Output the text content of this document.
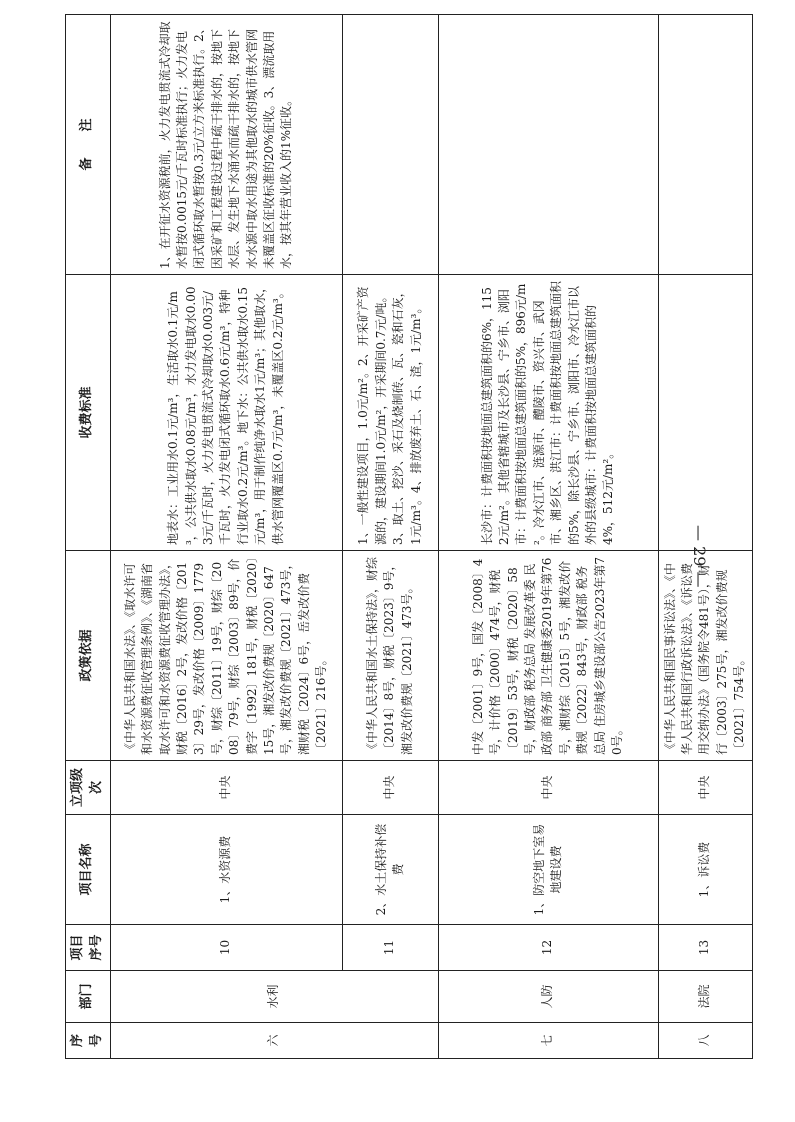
序号	部门	项目序号	项目名称	立项级次	政策依据	收费标准	备　　注
六	水利	10	1、水资源费	中央	《中华人民共和国水法》、《取水许可和水资源费征收管理条例》、《湖南省取水许可和水资源费征收管理办法》，财税〔2016〕2号，发改价格〔2013〕29号，发改价格〔2009〕1779号，财综〔2011〕19号，财综〔2008〕79号，财综〔2003〕89号，价费字〔1992〕181号，财税〔2020〕15号，湘发改价费规〔2020〕647号，湘发改价费规〔2021〕473号，湘财税〔2024〕6号，岳发改价费〔2021〕216号。	地表水：工业用水0.1元/m³，生活取水0.1元/m³，公共供水取水0.08元/m³，水力发电取水0.003元/千瓦时，火力发电贯流式冷却取水0.003元/千瓦时，火力发电闭式循环取水0.6元/m³，特种行业取水0.2元/m³。地下水：公共供水取水0.15元/m³，用于制作纯净水取水1元/m³；其他取水，供水管网覆盖区0.7元/m³，未覆盖区0.2元/m³。	1、在开征水资源税前，火力发电贯流式冷却取水暂按0.0015元/千瓦时标准执行；火力发电闭式循环取水暂按0.3元/立方米标准执行。2、因采矿和工程建设过程中疏干排水的，按地下水层、发生地下水涌水而疏干排水的，按地下水水源中取水用途为其他取水的城市供水管网未覆盖区征收标准的20%征收。3、漂流取用水，按其年营业收入的1%征收。
		11	2、水土保持补偿费	中央	《中华人民共和国水土保持法》，财综〔2014〕8号，财税〔2023〕9号，湘发改价费规〔2021〕473号。	1、一般性建设项目，1.0元/m²。2、开采矿产资源的，建设期间1.0元/m²，开采期间0.7元/吨。3、取土、挖沙、采石及烧制砖、瓦、瓷和石灰，1元/m³。4、排放废弃土、石、渣，1元/m³。	
七	人防	12	1、防空地下室易地建设费	中央	中发〔2001〕9号，国发〔2008〕4号，计价格〔2000〕474号，财税〔2019〕53号，财税〔2020〕58号，财政部 税务总局 发展改革委 民政部 商务部 卫生健康委2019年第76号，湘财综〔2015〕5号，湘发改价费规〔2022〕843号，财政部 税务总局 住房城乡建设部公告2023年第70号。	长沙市：计费面积按地面总建筑面积的6%，1152元/m²。其他省辖城市及长沙县、宁乡市、浏阳市：计费面积按地面总建筑面积的5%，896元/m²。冷水江市、涟源市、醴陵市、资兴市、武冈市、湘乡区、洪江市：计费面积按地面总建筑面积的5%，除长沙县、宁乡市、浏阳市、冷水江市以外的县级城市：计费面积按地面总建筑面积的4%，512元/m²。	
八	法院	13	1、诉讼费	中央	《中华人民共和国民事诉讼法》、《中华人民共和国行政诉讼法》、《诉讼费用交纳办法》（国务院令481号），财行〔2003〕275号，湘发改价费规〔2021〕754号。		
— 29 —
